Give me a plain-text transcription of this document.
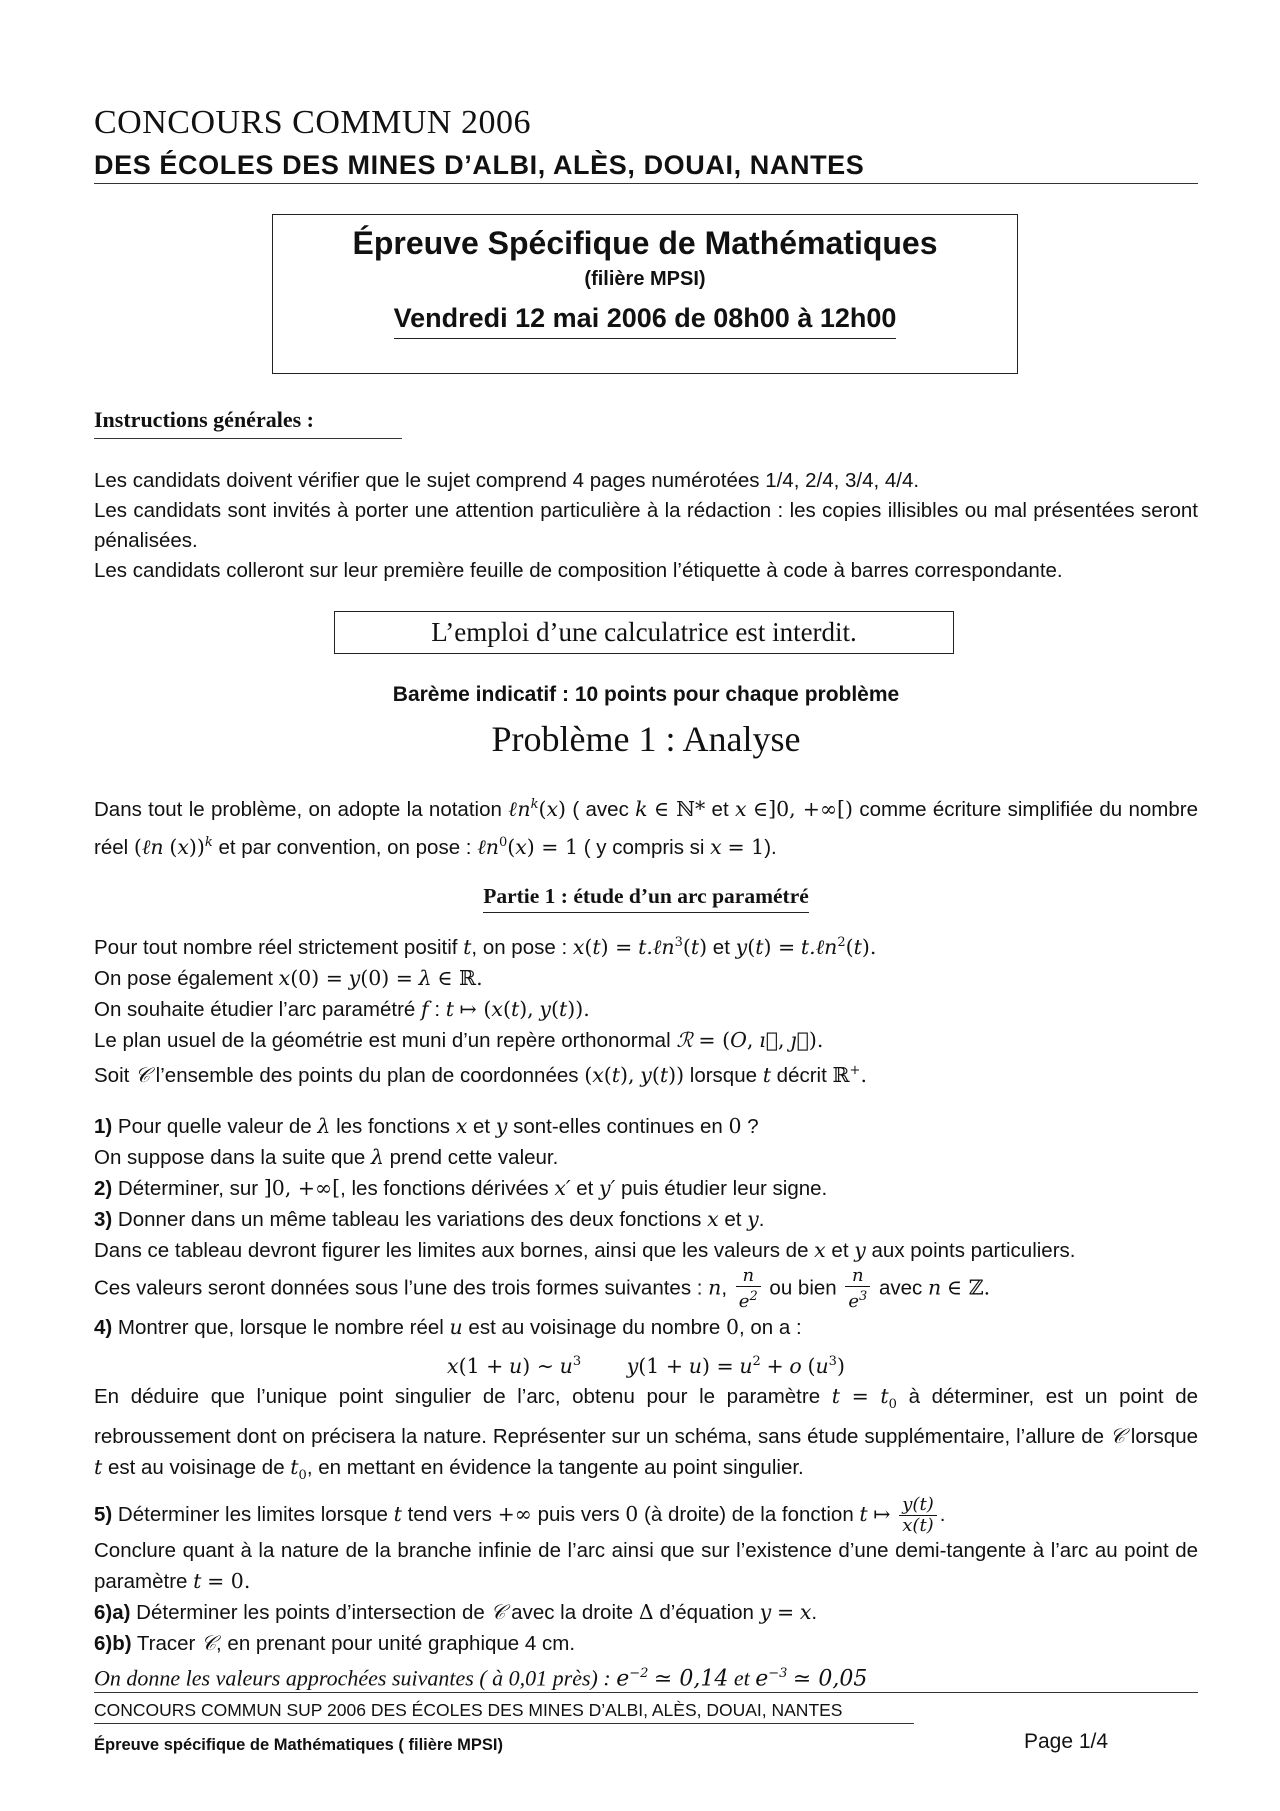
CONCOURS COMMUN 2006
DES ÉCOLES DES MINES D’ALBI, ALÈS, DOUAI, NANTES
Épreuve Spécifique de Mathématiques
(filière MPSI)
Vendredi 12 mai 2006 de 08h00 à 12h00
Instructions générales :

Les candidats doivent vérifier que le sujet comprend 4 pages numérotées 1/4, 2/4, 3/4, 4/4.

Les candidats sont invités à porter une attention particulière à la rédaction : les copies illisibles ou mal présentées seront pénalisées.

Les candidats colleront sur leur première feuille de composition l’étiquette à code à barres correspondante.

L’emploi d’une calculatrice est interdit.
Barème indicatif : 10 points pour chaque problème
Problème 1 : Analyse

Dans tout le problème, on adopte la notation ℓn$^k$(x) ( avec k ∈ ℕ* et x ∈]0, +∞[) comme écriture simplifiée du nombre réel (ℓn (x))$^k$ et par convention, on pose : ℓn$^0$(x) = 1 ( y compris si x = 1).

Partie 1 : étude d’un arc paramétré

Pour tout nombre réel strictement positif t, on pose : x(t) = t.ℓn$^3$(t) et y(t) = t.ℓn$^2$(t).

On pose également x(0) = y(0) = λ ∈ ℝ.

On souhaite étudier l’arc paramétré f : t ↦ (x(t), y(t)).

Le plan usuel de la géométrie est muni d’un repère orthonormal ℛ = (O, ı⃗, ȷ⃗).

Soit 𝒞 l’ensemble des points du plan de coordonnées (x(t), y(t)) lorsque t décrit ℝ+.

1) Pour quelle valeur de λ les fonctions x et y sont-elles continues en 0 ?

On suppose dans la suite que λ prend cette valeur.

2) Déterminer, sur ]0, +∞[, les fonctions dérivées x′ et y′ puis étudier leur signe.

3) Donner dans un même tableau les variations des deux fonctions x et y.

Dans ce tableau devront figurer les limites aux bornes, ainsi que les valeurs de x et y aux points particuliers.

Ces valeurs seront données sous l’une des trois formes suivantes : n, $\frac{n}{e^2}$ ou bien $\frac{n}{e^3}$ avec n ∈ ℤ.

4) Montrer que, lorsque le nombre réel u est au voisinage du nombre 0, on a :

x(1 + u) ∼ $u^3$ $y(1 + u) = u^2 + o$ $(u^3)$

En déduire que l’unique point singulier de l’arc, obtenu pour le paramètre $t = t_0$ à déterminer, est un point de rebroussement dont on précisera la nature. Représenter sur un schéma, sans étude supplémentaire, l’allure de 𝒞 lorsque t est au voisinage de $t_0$, en mettant en évidence la tangente au point singulier.

5) Déterminer les limites lorsque t tend vers +∞ puis vers 0 (à droite) de la fonction t ↦ $\frac{y(t)}{x(t)}$ .

Conclure quant à la nature de la branche infinie de l’arc ainsi que sur l’existence d’une demi-tangente à l’arc au point de paramètre t = 0.

6)a) Déterminer les points d’intersection de 𝒞 avec la droite Δ d’équation y = x.

6)b) Tracer 𝒞, en prenant pour unité graphique 4 cm.

On donne les valeurs approchées suivantes ( à 0,01 près) : $e^{-2}$ ≃ 0,14 et $e^{-3}$ ≃ 0,05

CONCOURS COMMUN SUP 2006 DES ÉCOLES DES MINES D’ALBI, ALÈS, DOUAI, NANTES
Épreuve spécifique de Mathématiques ( filière MPSI)	Page 1/4
